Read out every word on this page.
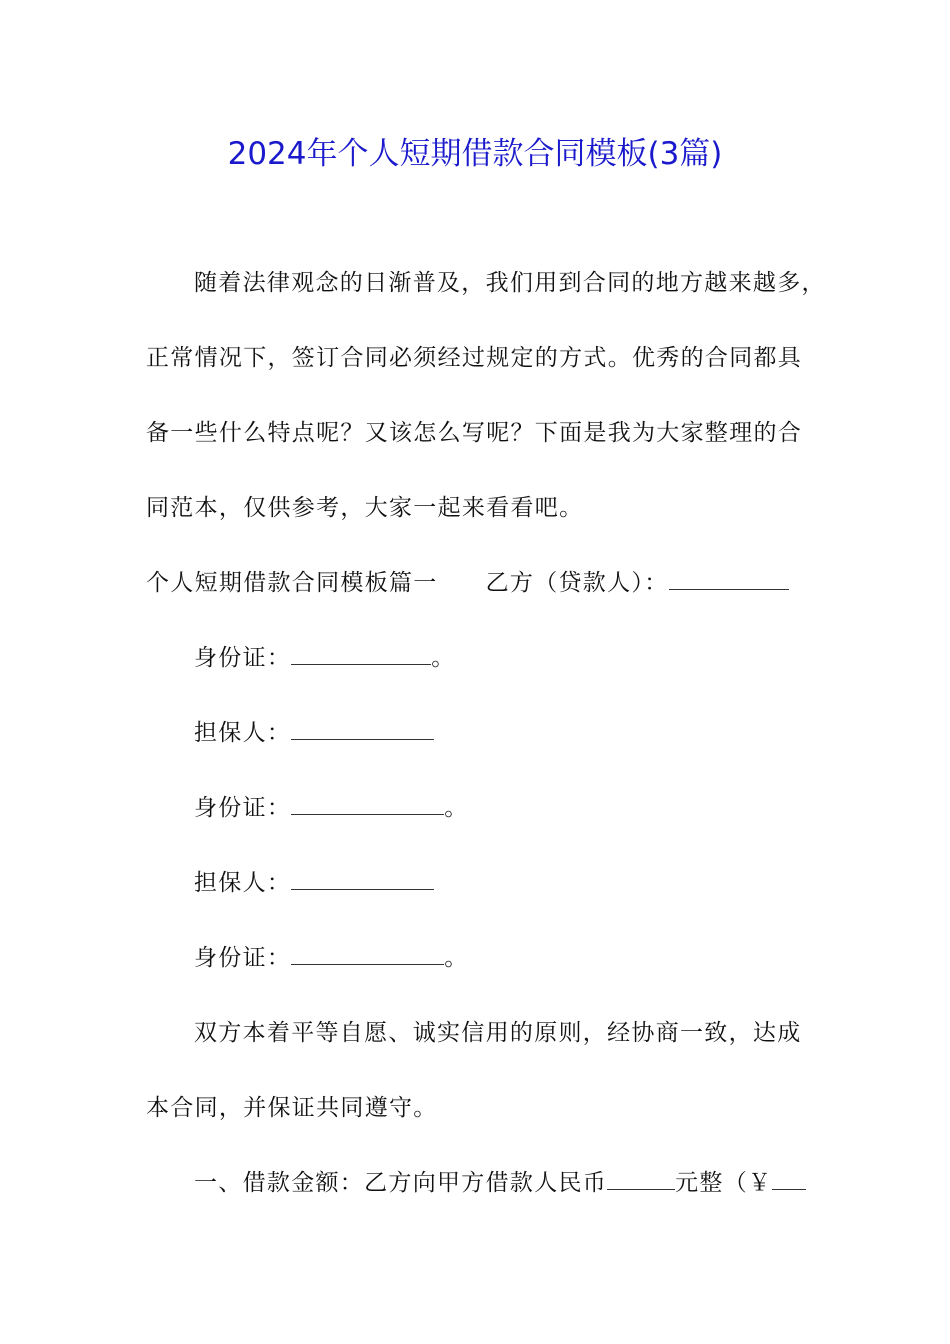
2024年个人短期借款合同模板(3篇)
随着法律观念的日渐普及，我们用到合同的地方越来越多，
正常情况下，签订合同必须经过规定的方式。优秀的合同都具
备一些什么特点呢？又该怎么写呢？下面是我为大家整理的合
同范本，仅供参考，大家一起来看看吧。
个人短期借款合同模板篇一 乙方（贷款人）：
身份证：	。
担保人：
身份证：	。
担保人：
身份证：	。
双方本着平等自愿、诚实信用的原则，经协商一致，达成
本合同，并保证共同遵守。
一、借款金额：乙方向甲方借款人民币	元整（￥
